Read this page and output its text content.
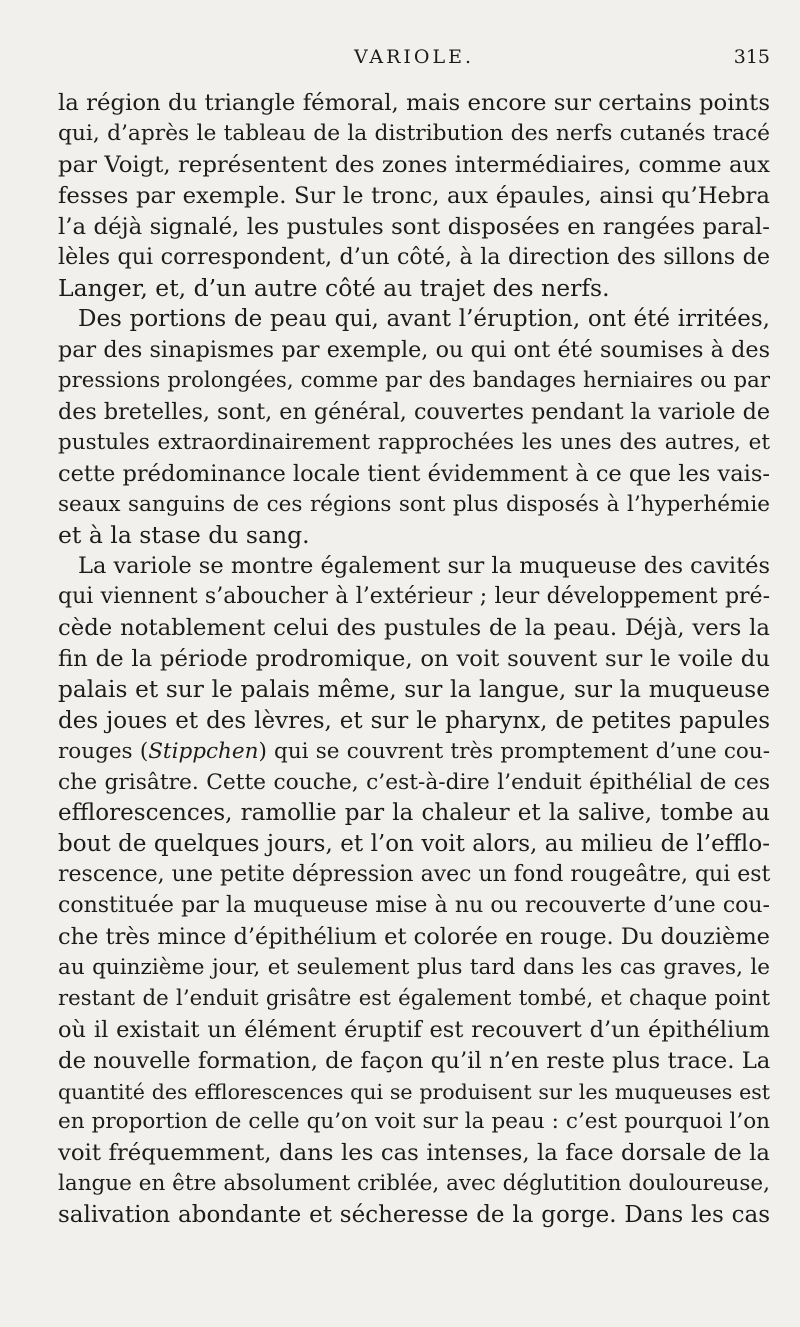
VARIOLE.	315
la région du triangle fémoral, mais encore sur certains points
qui, d’après le tableau de la distribution des nerfs cutanés tracé
par Voigt, représentent des zones intermédiaires, comme aux
fesses par exemple. Sur le tronc, aux épaules, ainsi qu’Hebra
l’a déjà signalé, les pustules sont disposées en rangées paral-
lèles qui correspondent, d’un côté, à la direction des sillons de
Langer, et, d’un autre côté au trajet des nerfs.
Des portions de peau qui, avant l’éruption, ont été irritées,
par des sinapismes par exemple, ou qui ont été soumises à des
pressions prolongées, comme par des bandages herniaires ou par
des bretelles, sont, en général, couvertes pendant la variole de
pustules extraordinairement rapprochées les unes des autres, et
cette prédominance locale tient évidemment à ce que les vais-
seaux sanguins de ces régions sont plus disposés à l’hyperhémie
et à la stase du sang.
La variole se montre également sur la muqueuse des cavités
qui viennent s’aboucher à l’extérieur ; leur développement pré-
cède notablement celui des pustules de la peau. Déjà, vers la
fin de la période prodromique, on voit souvent sur le voile du
palais et sur le palais même, sur la langue, sur la muqueuse
des joues et des lèvres, et sur le pharynx, de petites papules
rouges (Stippchen) qui se couvrent très promptement d’une cou-
che grisâtre. Cette couche, c’est-à-dire l’enduit épithélial de ces
efflorescences, ramollie par la chaleur et la salive, tombe au
bout de quelques jours, et l’on voit alors, au milieu de l’efflo-
rescence, une petite dépression avec un fond rougeâtre, qui est
constituée par la muqueuse mise à nu ou recouverte d’une cou-
che très mince d’épithélium et colorée en rouge. Du douzième
au quinzième jour, et seulement plus tard dans les cas graves, le
restant de l’enduit grisâtre est également tombé, et chaque point
où il existait un élément éruptif est recouvert d’un épithélium
de nouvelle formation, de façon qu’il n’en reste plus trace. La
quantité des efflorescences qui se produisent sur les muqueuses est
en proportion de celle qu’on voit sur la peau : c’est pourquoi l’on
voit fréquemment, dans les cas intenses, la face dorsale de la
langue en être absolument criblée, avec déglutition douloureuse,
salivation abondante et sécheresse de la gorge. Dans les cas
